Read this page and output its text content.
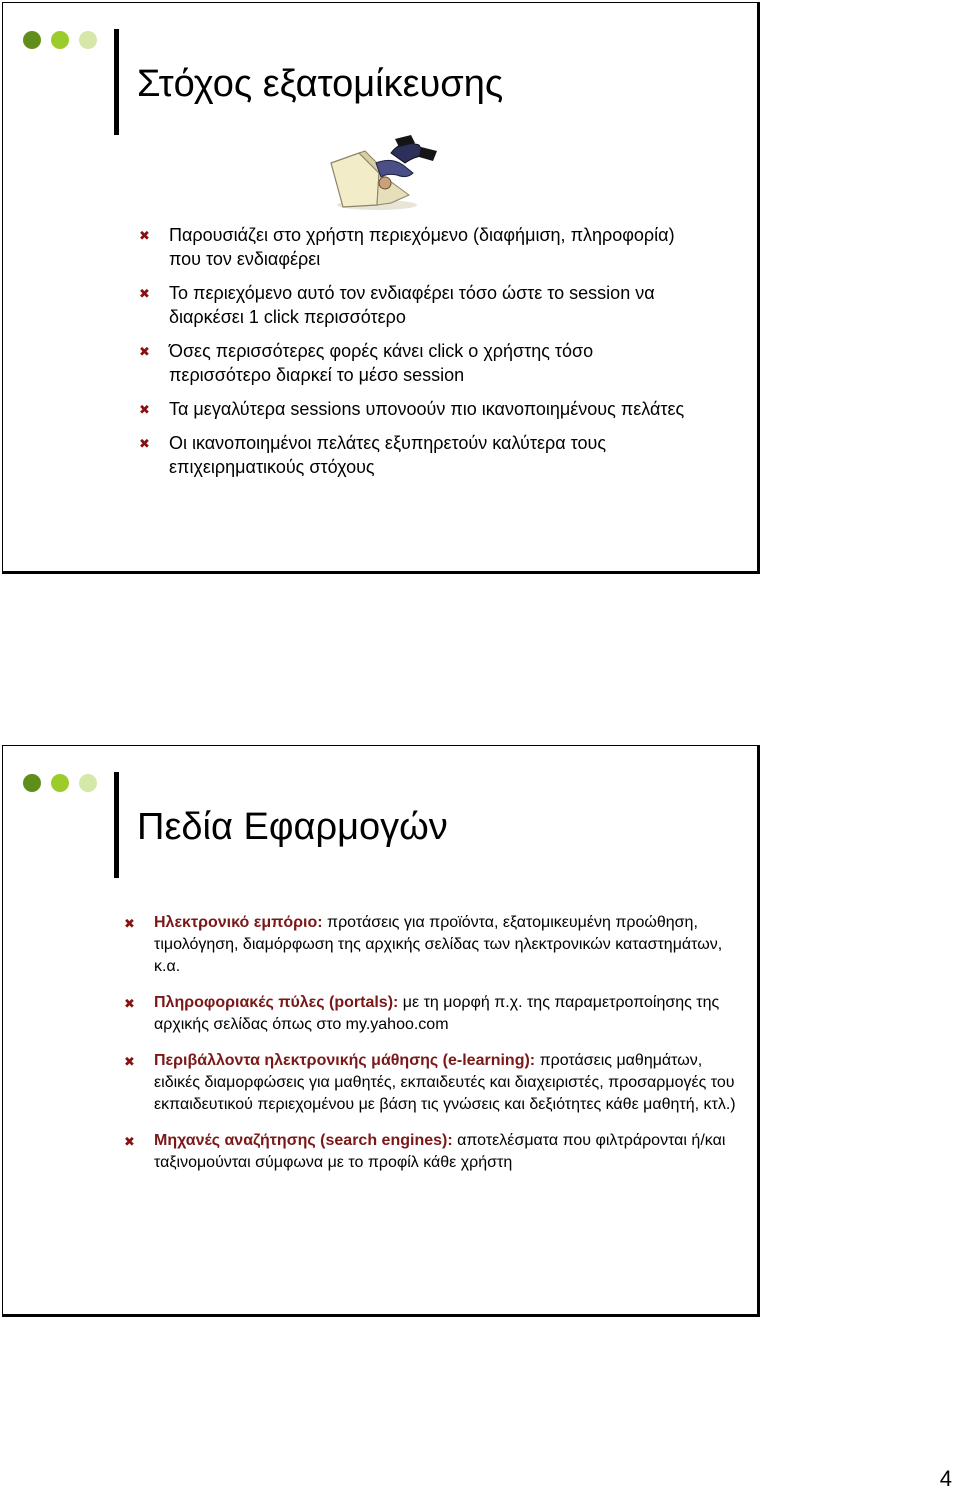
Στόχος εξατομίκευσης
✖ Παρουσιάζει στο χρήστη περιεχόμενο (διαφήμιση, πληροφορία) που τον ενδιαφέρει
✖ Το περιεχόμενο αυτό τον ενδιαφέρει τόσο ώστε το session να διαρκέσει 1 click περισσότερο
✖ Όσες περισσότερες φορές κάνει click ο χρήστης τόσο περισσότερο διαρκεί το μέσο session
✖ Τα μεγαλύτερα sessions υπονοούν πιο ικανοποιημένους πελάτες
✖ Οι ικανοποιημένοι πελάτες εξυπηρετούν καλύτερα τους επιχειρηματικούς στόχους
Πεδία Εφαρμογών
✖ Ηλεκτρονικό εμπόριο: προτάσεις για προϊόντα, εξατομικευμένη προώθηση, τιμολόγηση, διαμόρφωση της αρχικής σελίδας των ηλεκτρονικών καταστημάτων, κ.α.
✖ Πληροφοριακές πύλες (portals): με τη μορφή π.χ. της παραμετροποίησης της αρχικής σελίδας όπως στο my.yahoo.com
✖ Περιβάλλοντα ηλεκτρονικής μάθησης (e-learning): προτάσεις μαθημάτων, ειδικές διαμορφώσεις για μαθητές, εκπαιδευτές και διαχειριστές, προσαρμογές του εκπαιδευτικού περιεχομένου με βάση τις γνώσεις και δεξιότητες κάθε μαθητή, κτλ.)
✖ Μηχανές αναζήτησης (search engines): αποτελέσματα που φιλτράρονται ή/και ταξινομούνται σύμφωνα με το προφίλ κάθε χρήστη
4
